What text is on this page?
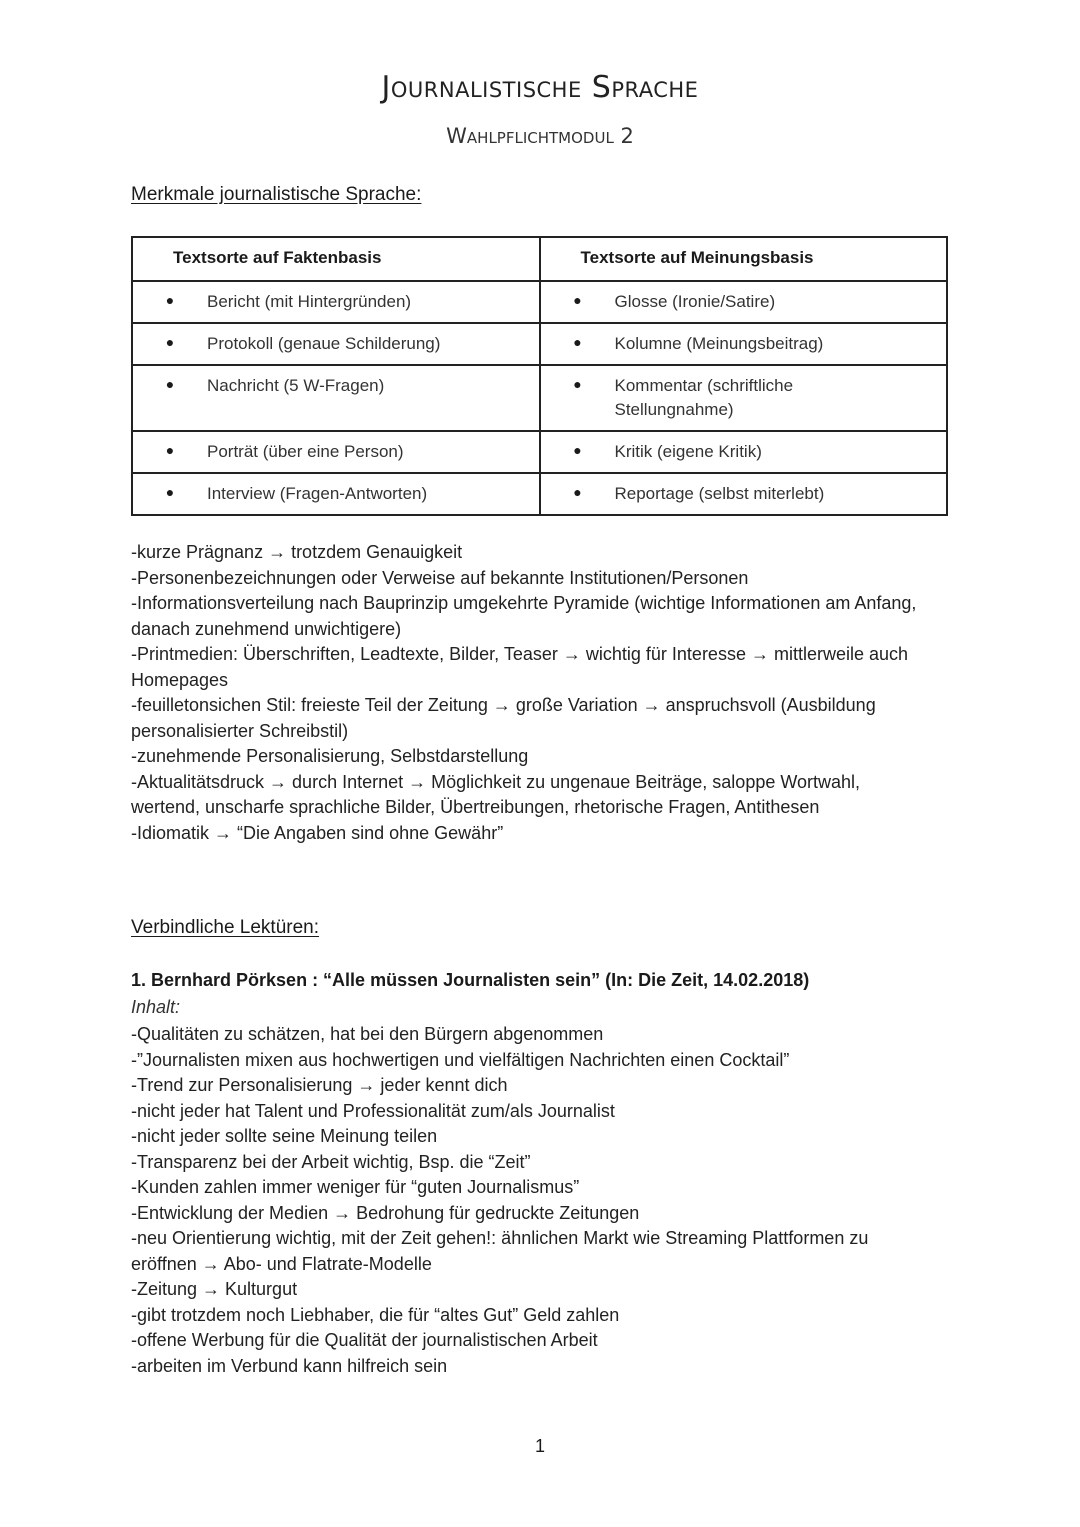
Journalistische Sprache
Wahlpflichtmodul 2
Merkmale journalistische Sprache:
Textsorte auf Faktenbasis	Textsorte auf Meinungsbasis

● Bericht (mit Hintergründen)	● Glosse (Ironie/Satire)

● Protokoll (genaue Schilderung)	● Kolumne (Meinungsbeitrag)

● Nachricht (5 W-Fragen)	● Kommentar (schriftliche Stellungnahme)

● Porträt (über eine Person)	● Kritik (eigene Kritik)

● Interview (Fragen-Antworten)	● Reportage (selbst miterlebt)
-kurze Prägnanz → trotzdem Genauigkeit
-Personenbezeichnungen oder Verweise auf bekannte Institutionen/Personen
-Informationsverteilung nach Bauprinzip umgekehrte Pyramide (wichtige Informationen am Anfang, danach zunehmend unwichtigere)
-Printmedien: Überschriften, Leadtexte, Bilder, Teaser → wichtig für Interesse → mittlerweile auch Homepages
-feuilletonsichen Stil: freieste Teil der Zeitung → große Variation → anspruchsvoll (Ausbildung personalisierter Schreibstil)
-zunehmende Personalisierung, Selbstdarstellung
-Aktualitätsdruck → durch Internet → Möglichkeit zu ungenaue Beiträge, saloppe Wortwahl, wertend, unscharfe sprachliche Bilder, Übertreibungen, rhetorische Fragen, Antithesen
-Idiomatik → “Die Angaben sind ohne Gewähr”
Verbindliche Lektüren:
1. Bernhard Pörksen : “Alle müssen Journalisten sein” (In: Die Zeit, 14.02.2018)
Inhalt:
-Qualitäten zu schätzen, hat bei den Bürgern abgenommen
-”Journalisten mixen aus hochwertigen und vielfältigen Nachrichten einen Cocktail”
-Trend zur Personalisierung → jeder kennt dich
-nicht jeder hat Talent und Professionalität zum/als Journalist
-nicht jeder sollte seine Meinung teilen
-Transparenz bei der Arbeit wichtig, Bsp. die “Zeit”
-Kunden zahlen immer weniger für “guten Journalismus”
-Entwicklung der Medien → Bedrohung für gedruckte Zeitungen
-neu Orientierung wichtig, mit der Zeit gehen!: ähnlichen Markt wie Streaming Plattformen zu eröffnen → Abo- und Flatrate-Modelle
-Zeitung → Kulturgut
-gibt trotzdem noch Liebhaber, die für “altes Gut” Geld zahlen
-offene Werbung für die Qualität der journalistischen Arbeit
-arbeiten im Verbund kann hilfreich sein
1
